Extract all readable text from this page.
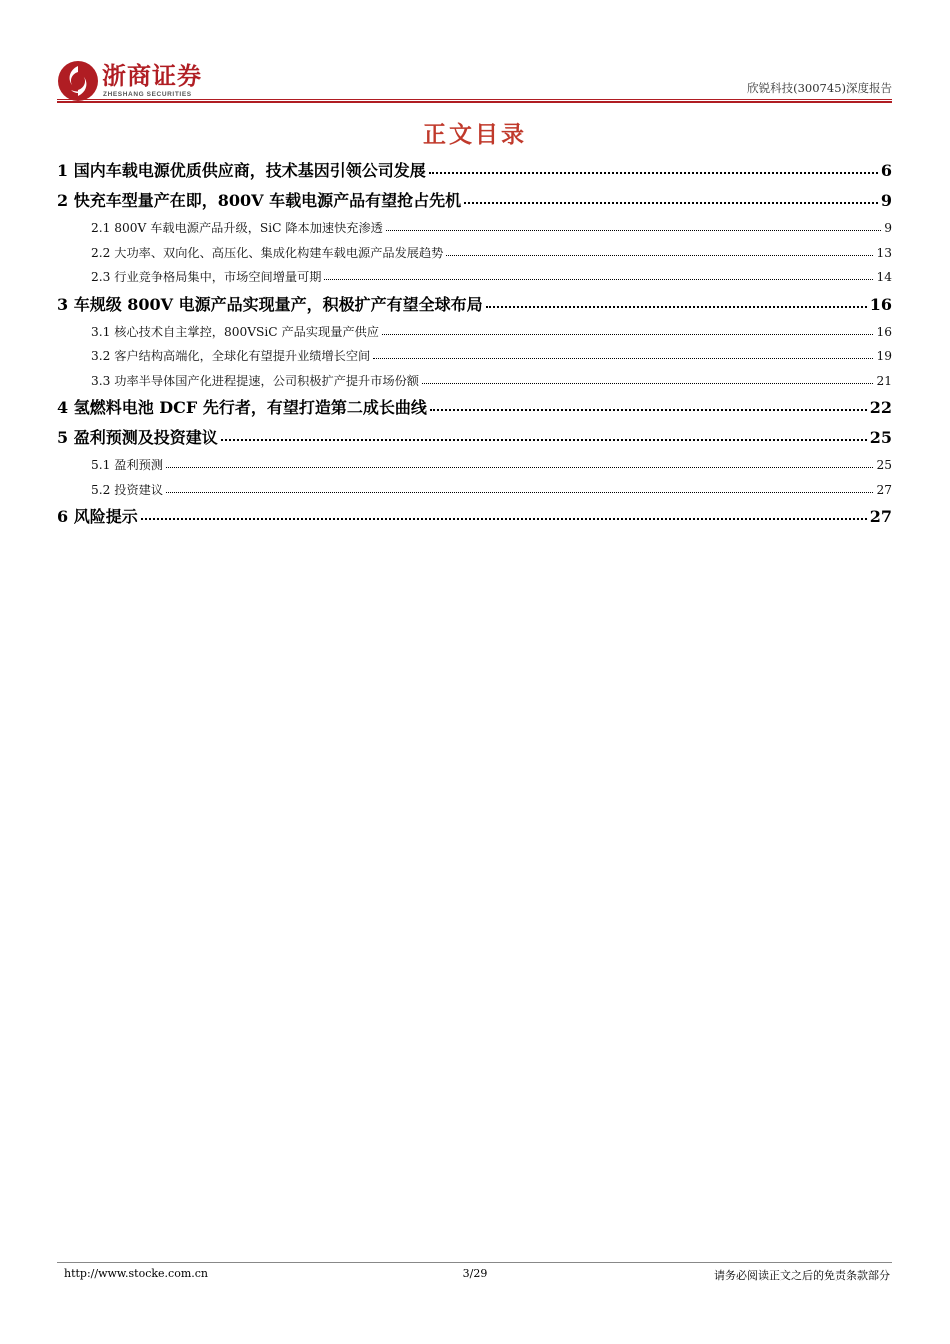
浙商证券
ZHESHANG SECURITIES	欣锐科技(300745)深度报告
正文目录
1 国内车载电源优质供应商，技术基因引领公司发展	6
2 快充车型量产在即，800V 车载电源产品有望抢占先机	9
2.1 800V 车载电源产品升级，SiC 降本加速快充渗透	9
2.2 大功率、双向化、高压化、集成化构建车载电源产品发展趋势	13
2.3 行业竞争格局集中，市场空间增量可期	14
3 车规级 800V 电源产品实现量产，积极扩产有望全球布局	16
3.1 核心技术自主掌控，800VSiC 产品实现量产供应	16
3.2 客户结构高端化，全球化有望提升业绩增长空间	19
3.3 功率半导体国产化进程提速，公司积极扩产提升市场份额	21
4 氢燃料电池 DCF 先行者，有望打造第二成长曲线	22
5 盈利预测及投资建议	25
5.1 盈利预测	25
5.2 投资建议	27
6 风险提示	27
http://www.stocke.com.cn	3/29	请务必阅读正文之后的免责条款部分
